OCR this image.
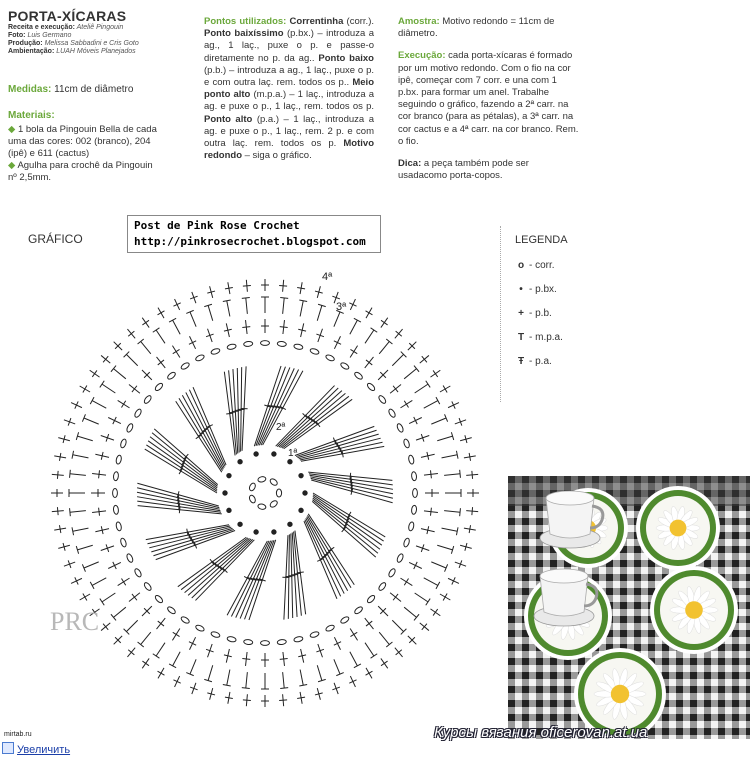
PORTA-XÍCARAS
Receita e execução: Ateliê Pingouin
Foto: Luis Germano
Produção: Melissa Sabbadini e Cris Goto
Ambientação: LUAH Móveis Planejados
Medidas: 11cm de diâmetro
Materiais:
◆ 1 bola da Pingouin Bella de cada uma das cores: 002 (branco), 204 (ipê) e 611 (cactus)
◆ Agulha para crochê da Pingouin nº 2,5mm.
Pontos utilizados: Correntinha (corr.). Ponto baixíssimo (p.bx.) – introduza a ag., 1 laç., puxe o p. e passe-o diretamente no p. da ag.. Ponto baixo (p.b.) – introduza a ag., 1 laç., puxe o p. e com outra laç. rem. todos os p.. Meio ponto alto (m.p.a.) – 1 laç., introduza a ag. e puxe o p., 1 laç., rem. todos os p. Ponto alto (p.a.) – 1 laç., introduza a ag. e puxe o p., 1 laç., rem. 2 p. e com outra laç. rem. todos os p. Motivo redondo – siga o gráfico.
Amostra: Motivo redondo = 11cm de diâmetro.
Execução: cada porta-xícaras é formado por um motivo redondo. Com o fio na cor ipê, começar com 7 corr. e una com 1 p.bx. para formar um anel. Trabalhe seguindo o gráfico, fazendo a 2ª carr. na cor branco (para as pétalas), a 3ª carr. na cor cactus e a 4ª carr. na cor branco. Rem. o fio.
Dica: a peça também pode ser usadacomo porta-copos.
Post de Pink Rose Crochet
http://pinkrosecrochet.blogspot.com
GRÁFICO	LEGENDA
o - corr.
• - p.bx.
+ - p.b.
T - m.p.a.
Ŧ - p.a.
4ª
3ª
2ª
1ª
PRC
Курсы вязания oficerovan.at.ua
mirtab.ru
Увеличить
